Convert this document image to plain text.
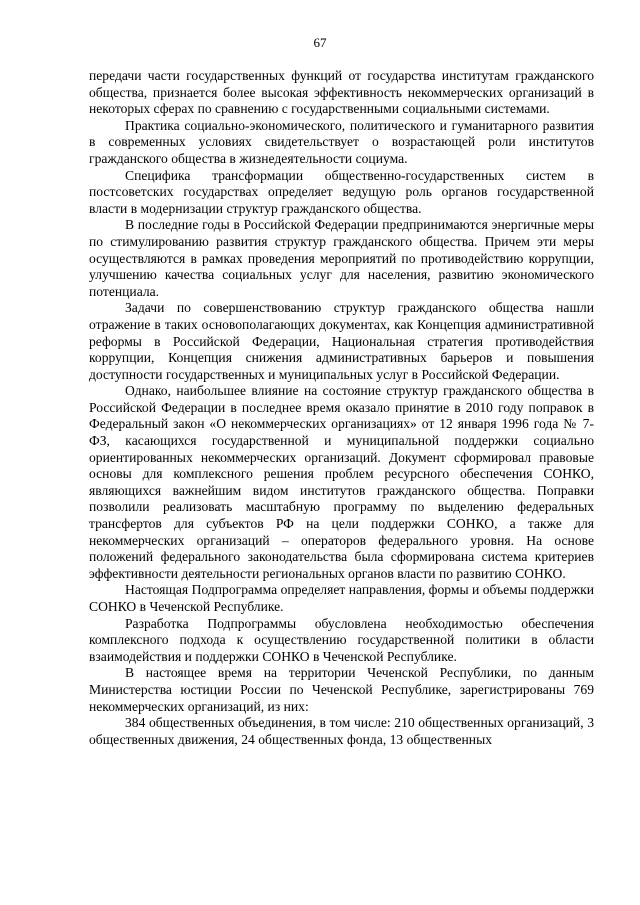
67

передачи части государственных функций от государства институтам гражданского общества, признается более высокая эффективность некоммерческих организаций в некоторых сферах по сравнению с государственными социальными системами.

Практика социально-экономического, политического и гуманитарного развития в современных условиях свидетельствует о возрастающей роли институтов гражданского общества в жизнедеятельности социума.

Специфика трансформации общественно-государственных систем в постсоветских государствах определяет ведущую роль органов государственной власти в модернизации структур гражданского общества.

В последние годы в Российской Федерации предпринимаются энергичные меры по стимулированию развития структур гражданского общества. Причем эти меры осуществляются в рамках проведения мероприятий по противодействию коррупции, улучшению качества социальных услуг для населения, развитию экономического потенциала.

Задачи по совершенствованию структур гражданского общества нашли отражение в таких основополагающих документах, как Концепция административной реформы в Российской Федерации, Национальная стратегия противодействия коррупции, Концепция снижения административных барьеров и повышения доступности государственных и муниципальных услуг в Российской Федерации.

Однако, наибольшее влияние на состояние структур гражданского общества в Российской Федерации в последнее время оказало принятие в 2010 году поправок в Федеральный закон «О некоммерческих организациях» от 12 января 1996 года № 7-ФЗ, касающихся государственной и муниципальной поддержки социально ориентированных некоммерческих организаций. Документ сформировал правовые основы для комплексного решения проблем ресурсного обеспечения СОНКО, являющихся важнейшим видом институтов гражданского общества. Поправки позволили реализовать масштабную программу по выделению федеральных трансфертов для субъектов РФ на цели поддержки СОНКО, а также для некоммерческих организаций – операторов федерального уровня. На основе положений федерального законодательства была сформирована система критериев эффективности деятельности региональных органов власти по развитию СОНКО.

Настоящая Подпрограмма определяет направления, формы и объемы поддержки СОНКО в Чеченской Республике.

Разработка Подпрограммы обусловлена необходимостью обеспечения комплексного подхода к осуществлению государственной политики в области взаимодействия и поддержки СОНКО в Чеченской Республике.

В настоящее время на территории Чеченской Республики, по данным Министерства юстиции России по Чеченской Республике, зарегистрированы 769 некоммерческих организаций, из них:

384 общественных объединения, в том числе: 210 общественных организаций, 3 общественных движения, 24 общественных фонда, 13 общественных
